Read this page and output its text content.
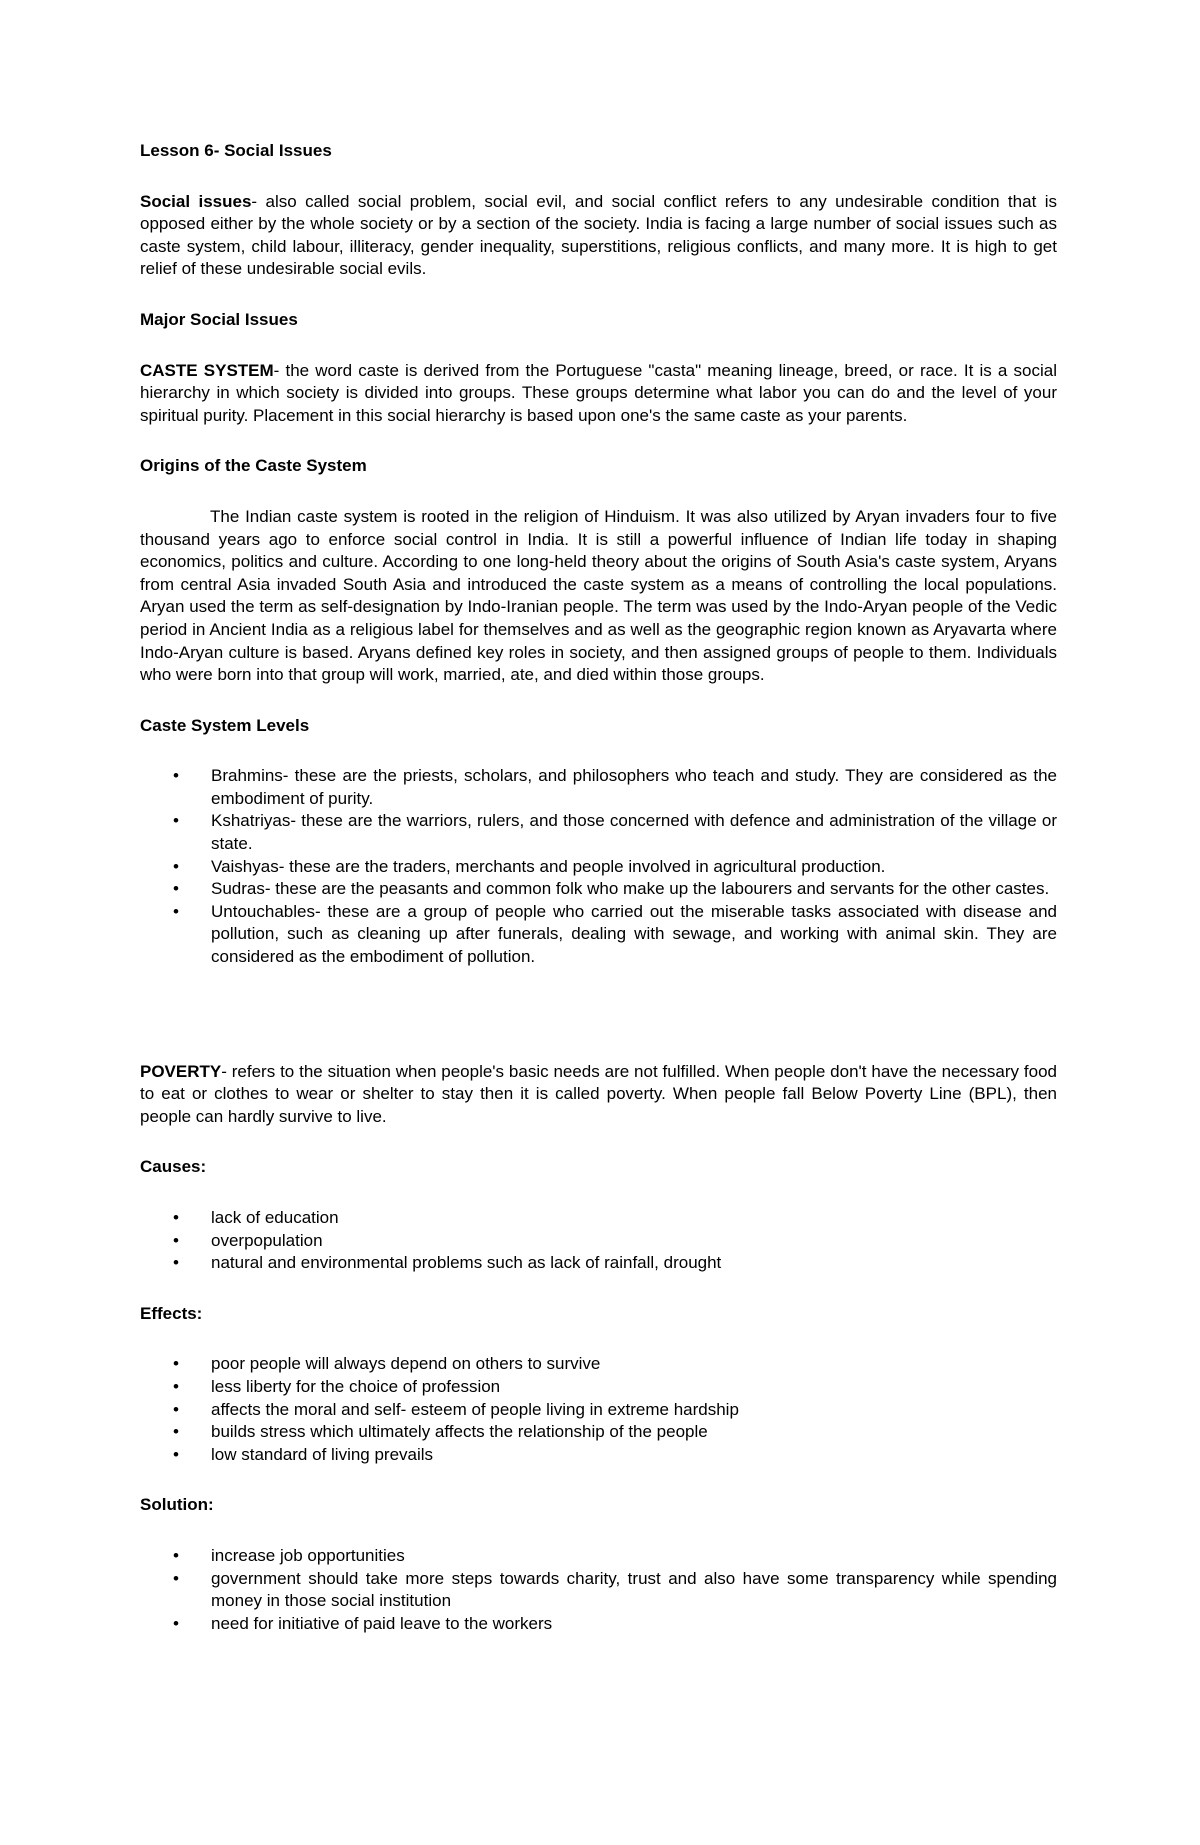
Lesson 6- Social Issues

Social issues- also called social problem, social evil, and social conflict refers to any undesirable condition that is opposed either by the whole society or by a section of the society. India is facing a large number of social issues such as caste system, child labour, illiteracy, gender inequality, superstitions, religious conflicts, and many more. It is high to get relief of these undesirable social evils.

Major Social Issues

CASTE SYSTEM- the word caste is derived from the Portuguese "casta" meaning lineage, breed, or race. It is a social hierarchy in which society is divided into groups. These groups determine what labor you can do and the level of your spiritual purity. Placement in this social hierarchy is based upon one's the same caste as your parents.

Origins of the Caste System

The Indian caste system is rooted in the religion of Hinduism. It was also utilized by Aryan invaders four to five thousand years ago to enforce social control in India. It is still a powerful influence of Indian life today in shaping economics, politics and culture. According to one long-held theory about the origins of South Asia's caste system, Aryans from central Asia invaded South Asia and introduced the caste system as a means of controlling the local populations. Aryan used the term as self-designation by Indo-Iranian people. The term was used by the Indo-Aryan people of the Vedic period in Ancient India as a religious label for themselves and as well as the geographic region known as Aryavarta where Indo-Aryan culture is based. Aryans defined key roles in society, and then assigned groups of people to them. Individuals who were born into that group will work, married, ate, and died within those groups.

Caste System Levels

• Brahmins- these are the priests, scholars, and philosophers who teach and study. They are considered as the embodiment of purity.
• Kshatriyas- these are the warriors, rulers, and those concerned with defence and administration of the village or state.
• Vaishyas- these are the traders, merchants and people involved in agricultural production.
• Sudras- these are the peasants and common folk who make up the labourers and servants for the other castes.
• Untouchables- these are a group of people who carried out the miserable tasks associated with disease and pollution, such as cleaning up after funerals, dealing with sewage, and working with animal skin. They are considered as the embodiment of pollution.

POVERTY- refers to the situation when people's basic needs are not fulfilled. When people don't have the necessary food to eat or clothes to wear or shelter to stay then it is called poverty. When people fall Below Poverty Line (BPL), then people can hardly survive to live.

Causes:

• lack of education
• overpopulation
• natural and environmental problems such as lack of rainfall, drought

Effects:

• poor people will always depend on others to survive
• less liberty for the choice of profession
• affects the moral and self- esteem of people living in extreme hardship
• builds stress which ultimately affects the relationship of the people
• low standard of living prevails

Solution:

• increase job opportunities
• government should take more steps towards charity, trust and also have some transparency while spending money in those social institution
• need for initiative of paid leave to the workers
